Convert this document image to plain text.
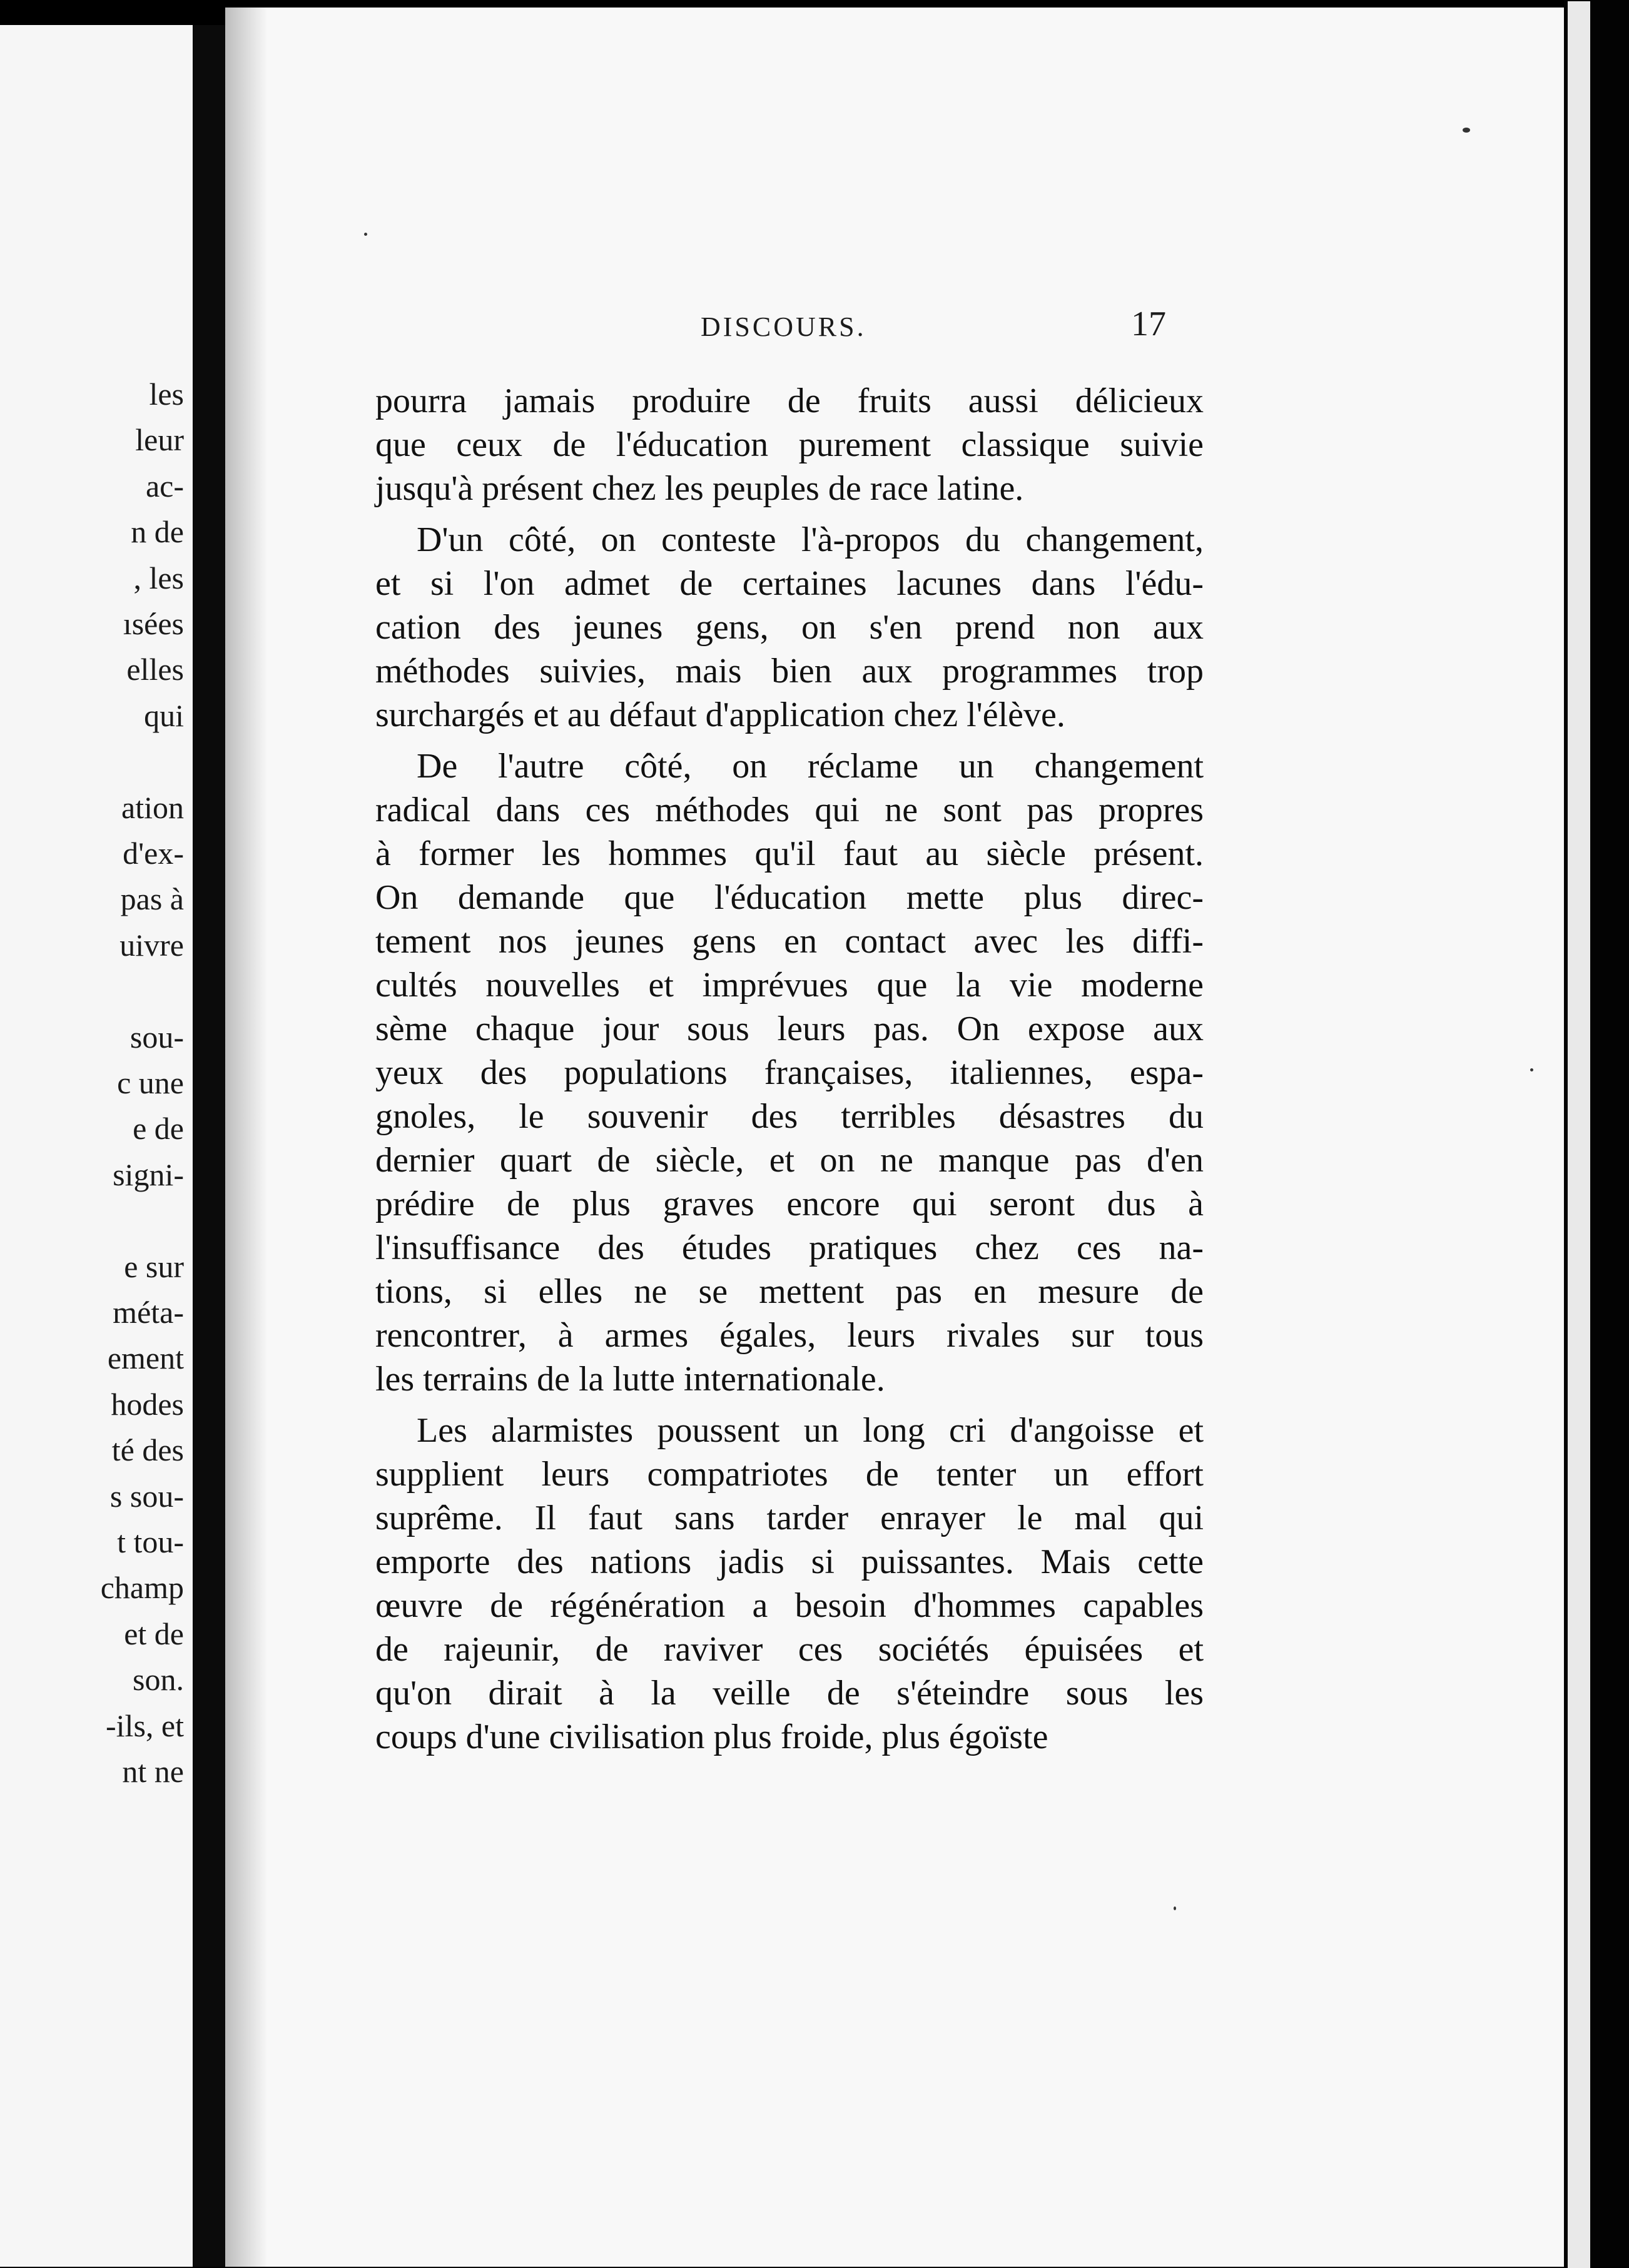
les
leur
ac-
n de
, les
ısées
elles
qui
ation
d'ex-
pas à
uivre
sou-
c une
e de
signi-
e sur
méta-
ement
hodes
té des
s sou-
t tou-
champ
et de
son.
-ils, et
nt ne
DISCOURS.	17
pourra jamais produire de fruits aussi délicieux
que ceux de l'éducation purement classique suivie
jusqu'à présent chez les peuples de race latine.
D'un côté, on conteste l'à-propos du changement,
et si l'on admet de certaines lacunes dans l'édu-
cation des jeunes gens, on s'en prend non aux
méthodes suivies, mais bien aux programmes trop
surchargés et au défaut d'application chez l'élève.
De l'autre côté, on réclame un changement
radical dans ces méthodes qui ne sont pas propres
à former les hommes qu'il faut au siècle présent.
On demande que l'éducation mette plus direc-
tement nos jeunes gens en contact avec les diffi-
cultés nouvelles et imprévues que la vie moderne
sème chaque jour sous leurs pas. On expose aux
yeux des populations françaises, italiennes, espa-
gnoles, le souvenir des terribles désastres du
dernier quart de siècle, et on ne manque pas d'en
prédire de plus graves encore qui seront dus à
l'insuffisance des études pratiques chez ces na-
tions, si elles ne se mettent pas en mesure de
rencontrer, à armes égales, leurs rivales sur tous
les terrains de la lutte internationale.
Les alarmistes poussent un long cri d'angoisse et
supplient leurs compatriotes de tenter un effort
suprême. Il faut sans tarder enrayer le mal qui
emporte des nations jadis si puissantes. Mais cette
œuvre de régénération a besoin d'hommes capables
de rajeunir, de raviver ces sociétés épuisées et
qu'on dirait à la veille de s'éteindre sous les
coups d'une civilisation plus froide, plus égoïste
